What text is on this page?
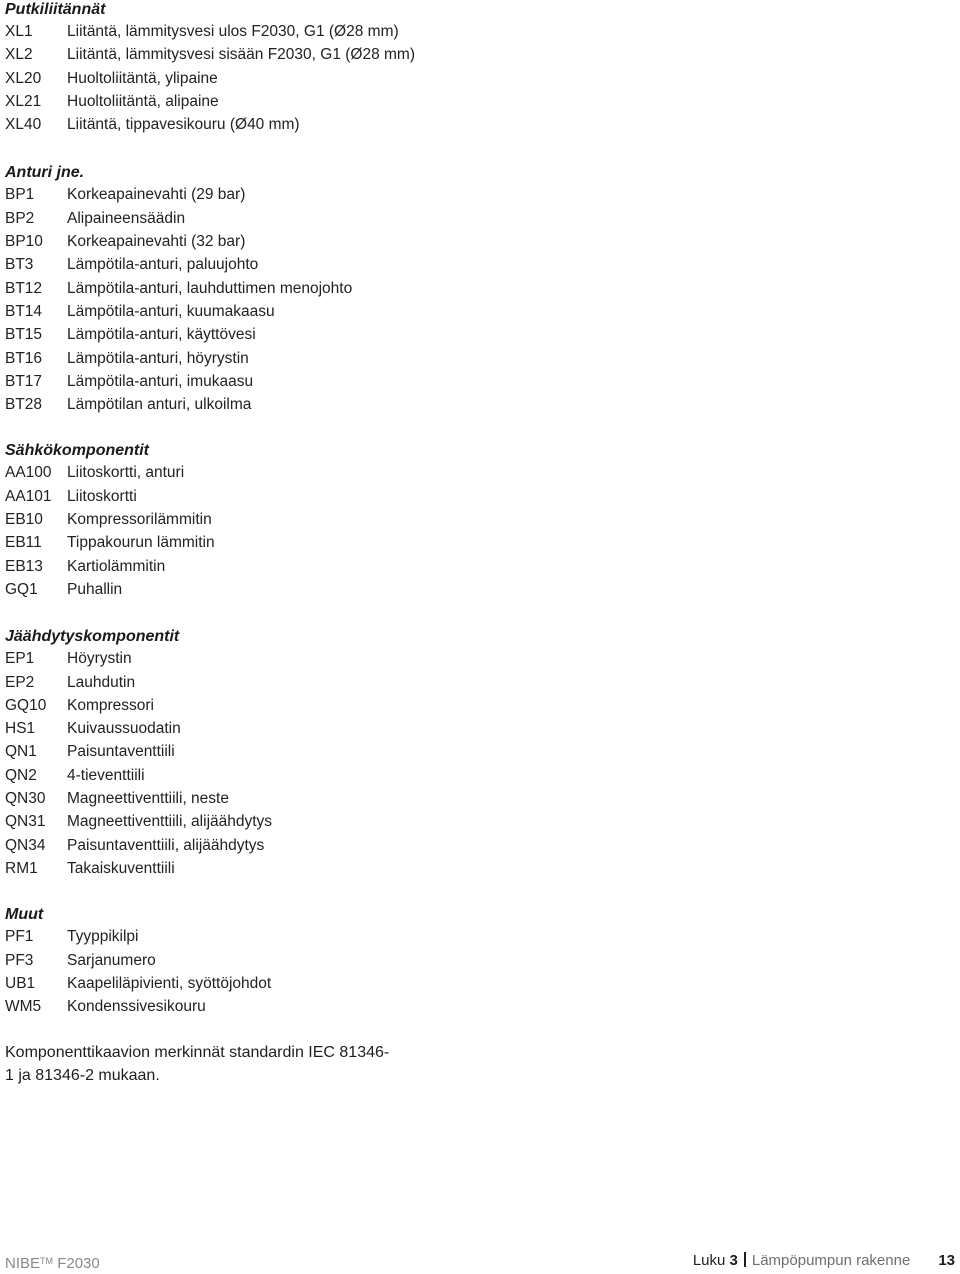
Putkiliitännät
XL1	Liitäntä, lämmitysvesi ulos F2030, G1 (Ø28 mm)
XL2	Liitäntä, lämmitysvesi sisään F2030, G1 (Ø28 mm)
XL20	Huoltoliitäntä, ylipaine
XL21	Huoltoliitäntä, alipaine
XL40	Liitäntä, tippavesikouru (Ø40 mm)
Anturi jne.
BP1	Korkeapainevahti (29 bar)
BP2	Alipaineensäädin
BP10	Korkeapainevahti (32 bar)
BT3	Lämpötila-anturi, paluujohto
BT12	Lämpötila-anturi, lauhduttimen menojohto
BT14	Lämpötila-anturi, kuumakaasu
BT15	Lämpötila-anturi, käyttövesi
BT16	Lämpötila-anturi, höyrystin
BT17	Lämpötila-anturi, imukaasu
BT28	Lämpötilan anturi, ulkoilma
Sähkökomponentit
AA100 Liitoskortti, anturi
AA101 Liitoskortti
EB10	Kompressorilämmitin
EB11	Tippakourun lämmitin
EB13	Kartiolämmitin
GQ1	Puhallin
Jäähdytyskomponentit
EP1	Höyrystin
EP2	Lauhdutin
GQ10	Kompressori
HS1	Kuivaussuodatin
QN1	Paisuntaventtiili
QN2	4-tieventtiili
QN30	Magneettiventtiili, neste
QN31	Magneettiventtiili, alijäähdytys
QN34	Paisuntaventtiili, alijäähdytys
RM1	Takaiskuventtiili
Muut
PF1	Tyyppikilpi
PF3	Sarjanumero
UB1	Kaapeliläpivienti, syöttöjohdot
WM5	Kondenssivesikouru

Komponenttikaavion merkinnät standardin IEC 81346-
1 ja 81346-2 mukaan.

NIBE™ F2030	Luku 3 Lämpöpumpun rakenne 13
